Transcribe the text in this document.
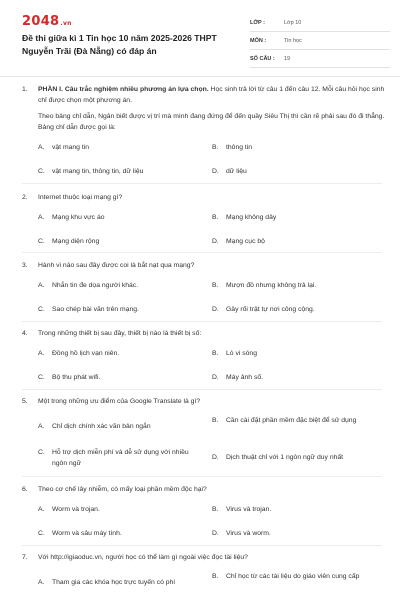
2048.vn
Đề thi giữa kì 1 Tin học 10 năm 2025-2026 THPT Nguyễn Trãi (Đà Nẵng) có đáp án
LỚP :	Lớp 10
MÔN :	Tin học
SỐ CÂU :	19
1.	PHẦN I. Câu trắc nghiệm nhiều phương án lựa chọn. Học sinh trả lời từ câu 1 đến câu 12. Mỗi câu hỏi học sinh chỉ được chọn một phương án.
Theo bảng chỉ dẫn, Ngân biết được vị trí mà mình đang đứng để đến quầy Siêu Thị thì cần rẽ phải sau đó đi thẳng. Bảng chỉ dẫn được gọi là:
A.	vật mang tin	B.	thông tin
C.	vật mang tin, thông tin, dữ liệu	D.	dữ liệu
2.	Internet thuộc loại mạng gì?
A.	Mạng khu vực áo	B.	Mạng không dây
C.	Mạng diện rộng	D.	Mạng cục bộ
3.	Hành vi nào sau đây được coi là bắt nạt qua mạng?
A.	Nhắn tin đe dọa người khác.	B.	Mượn đồ nhưng không trả lại.
C.	Sao chép bài văn trên mạng.	D.	Gây rối trật tự nơi công cộng.
4.	Trong những thiết bị sau đây, thiết bị nào là thiết bị số:
A.	Đồng hồ lịch vạn niên.	B.	Lò vi sóng
C.	Bộ thu phát wifi.	D.	Máy ảnh số.
5.	Một trong những ưu điểm của Google Translate là gì?
A.	Chỉ dịch chính xác văn bản ngắn
B.	Cần cài đặt phần mềm đặc biệt để sử dụng
C.	Hỗ trợ dịch miễn phí và dễ sử dụng với nhiều ngôn ngữ
D.	Dịch thuật chỉ với 1 ngôn ngữ duy nhất
6.	Theo cơ chế lây nhiễm, có mấy loại phần mềm độc hại?
A.	Worm và trojan.	B.	Virus và trojan.
C.	Worm và sâu máy tính.	D.	Virus và worm.
7.	Với http://igiaoduc.vn, người học có thể làm gì ngoài việc đọc tài liệu?
A.	Tham gia các khóa học trực tuyến có phí
B.	Chỉ học từ các tài liệu do giáo viên cung cấp
